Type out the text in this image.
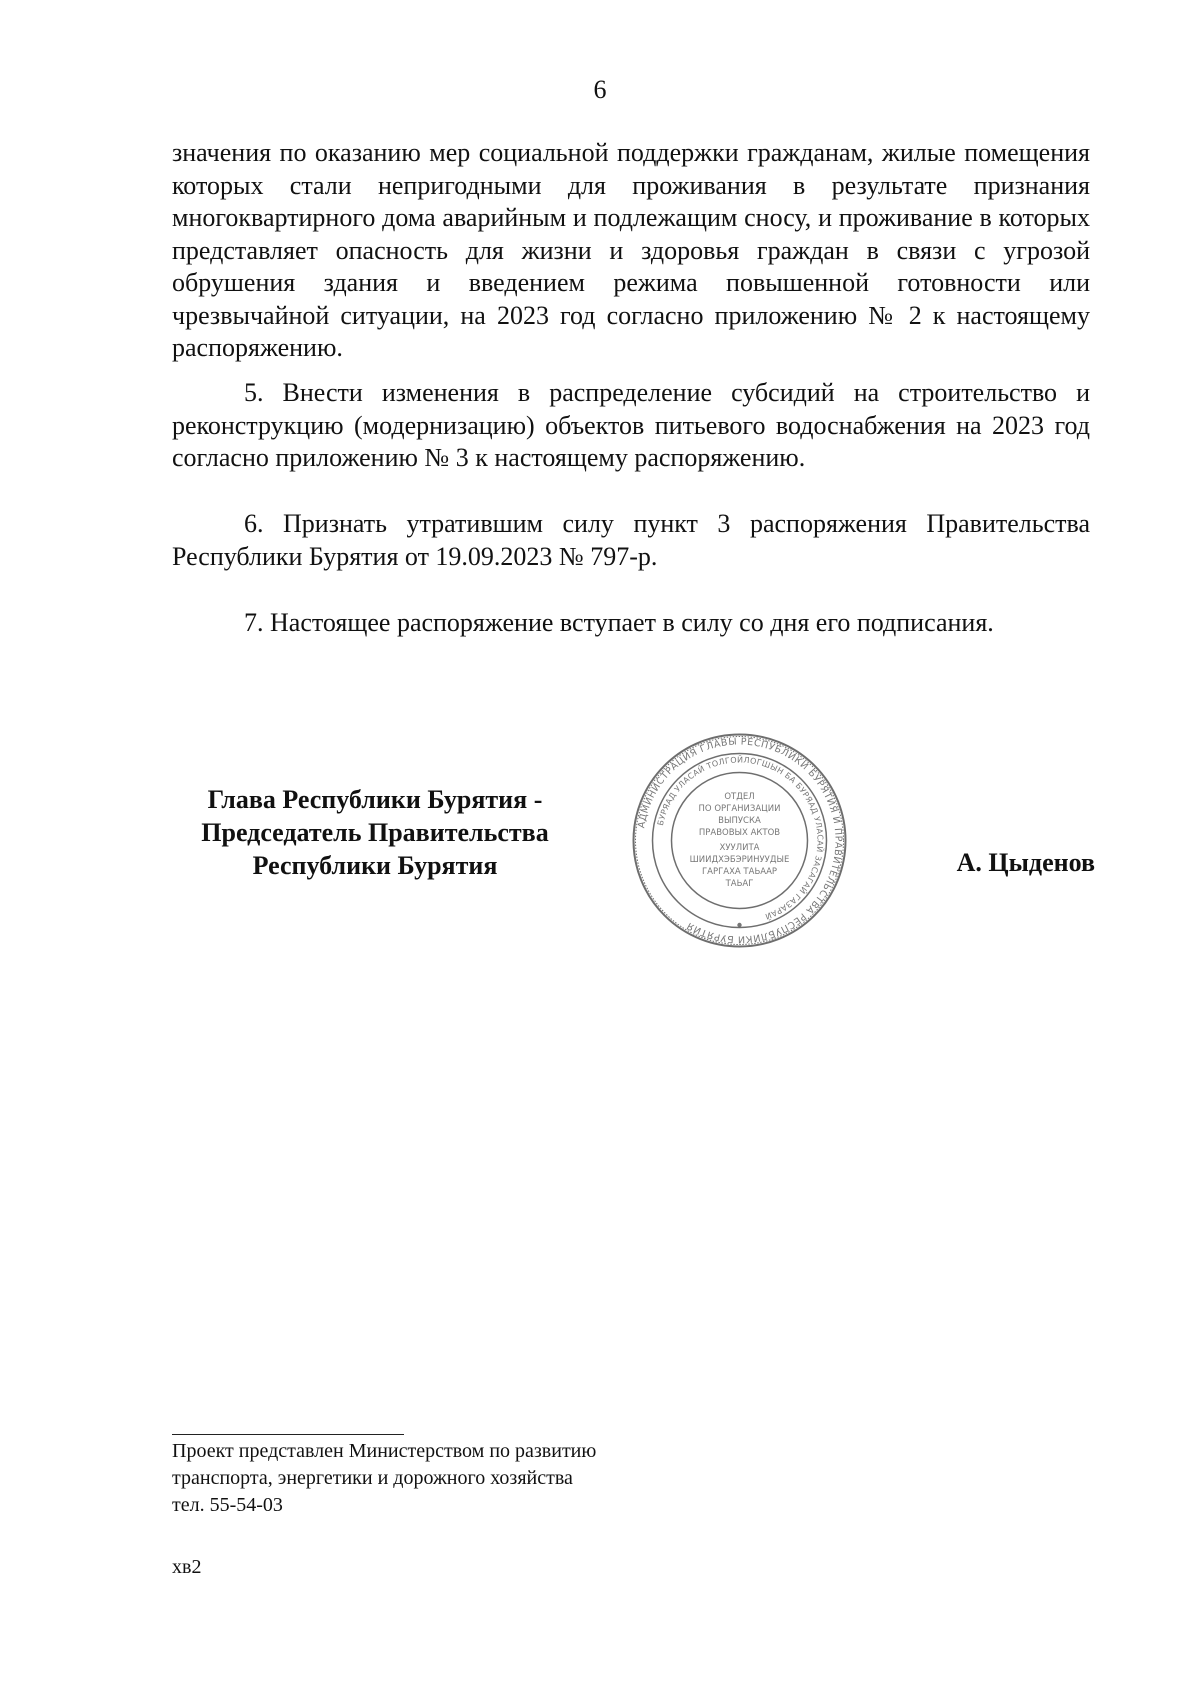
6

значения по оказанию мер социальной поддержки гражданам, жилые помещения которых стали непригодными для проживания в результате признания многоквартирного дома аварийным и подлежащим сносу, и проживание в которых представляет опасность для жизни и здоровья граждан в связи с угрозой обрушения здания и введением режима повышенной готовности или чрезвычайной ситуации, на 2023 год согласно приложению № 2 к настоящему распоряжению.

5. Внести изменения в распределение субсидий на строительство и реконструкцию (модернизацию) объектов питьевого водоснабжения на 2023 год согласно приложению № 3 к настоящему распоряжению.

6. Признать утратившим силу пункт 3 распоряжения Правительства Республики Бурятия от 19.09.2023 № 797-р.

7. Настоящее распоряжение вступает в силу со дня его подписания.

Глава Республики Бурятия -
Председатель Правительства
Республики Бурятия
АДМИНИСТРАЦИЯ ГЛАВЫ РЕСПУБЛИКИ БУРЯТИЯ И ПРАВИТЕЛЬСТВА РЕСПУБЛИКИ БУРЯТИЯ
БУРЯАД УЛАСАЙ ТОЛГОЙЛОГШЫН БА БУРЯАД УЛАСАЙ ЗАСАГАЙ ГАЗАРАЙ
ОТДЕЛ
ПО ОРГАНИЗАЦИИ
ВЫПУСКА
ПРАВОВЫХ АКТОВ
ХУУЛИТА
ШИИДХЭБЭРИНУУДЫЕ
ГАРГАХА ТАЬААР
ТАЬАГ
А. Цыденов
Проект представлен Министерством по развитию
транспорта, энергетики и дорожного хозяйства
тел. 55-54-03
хв2
